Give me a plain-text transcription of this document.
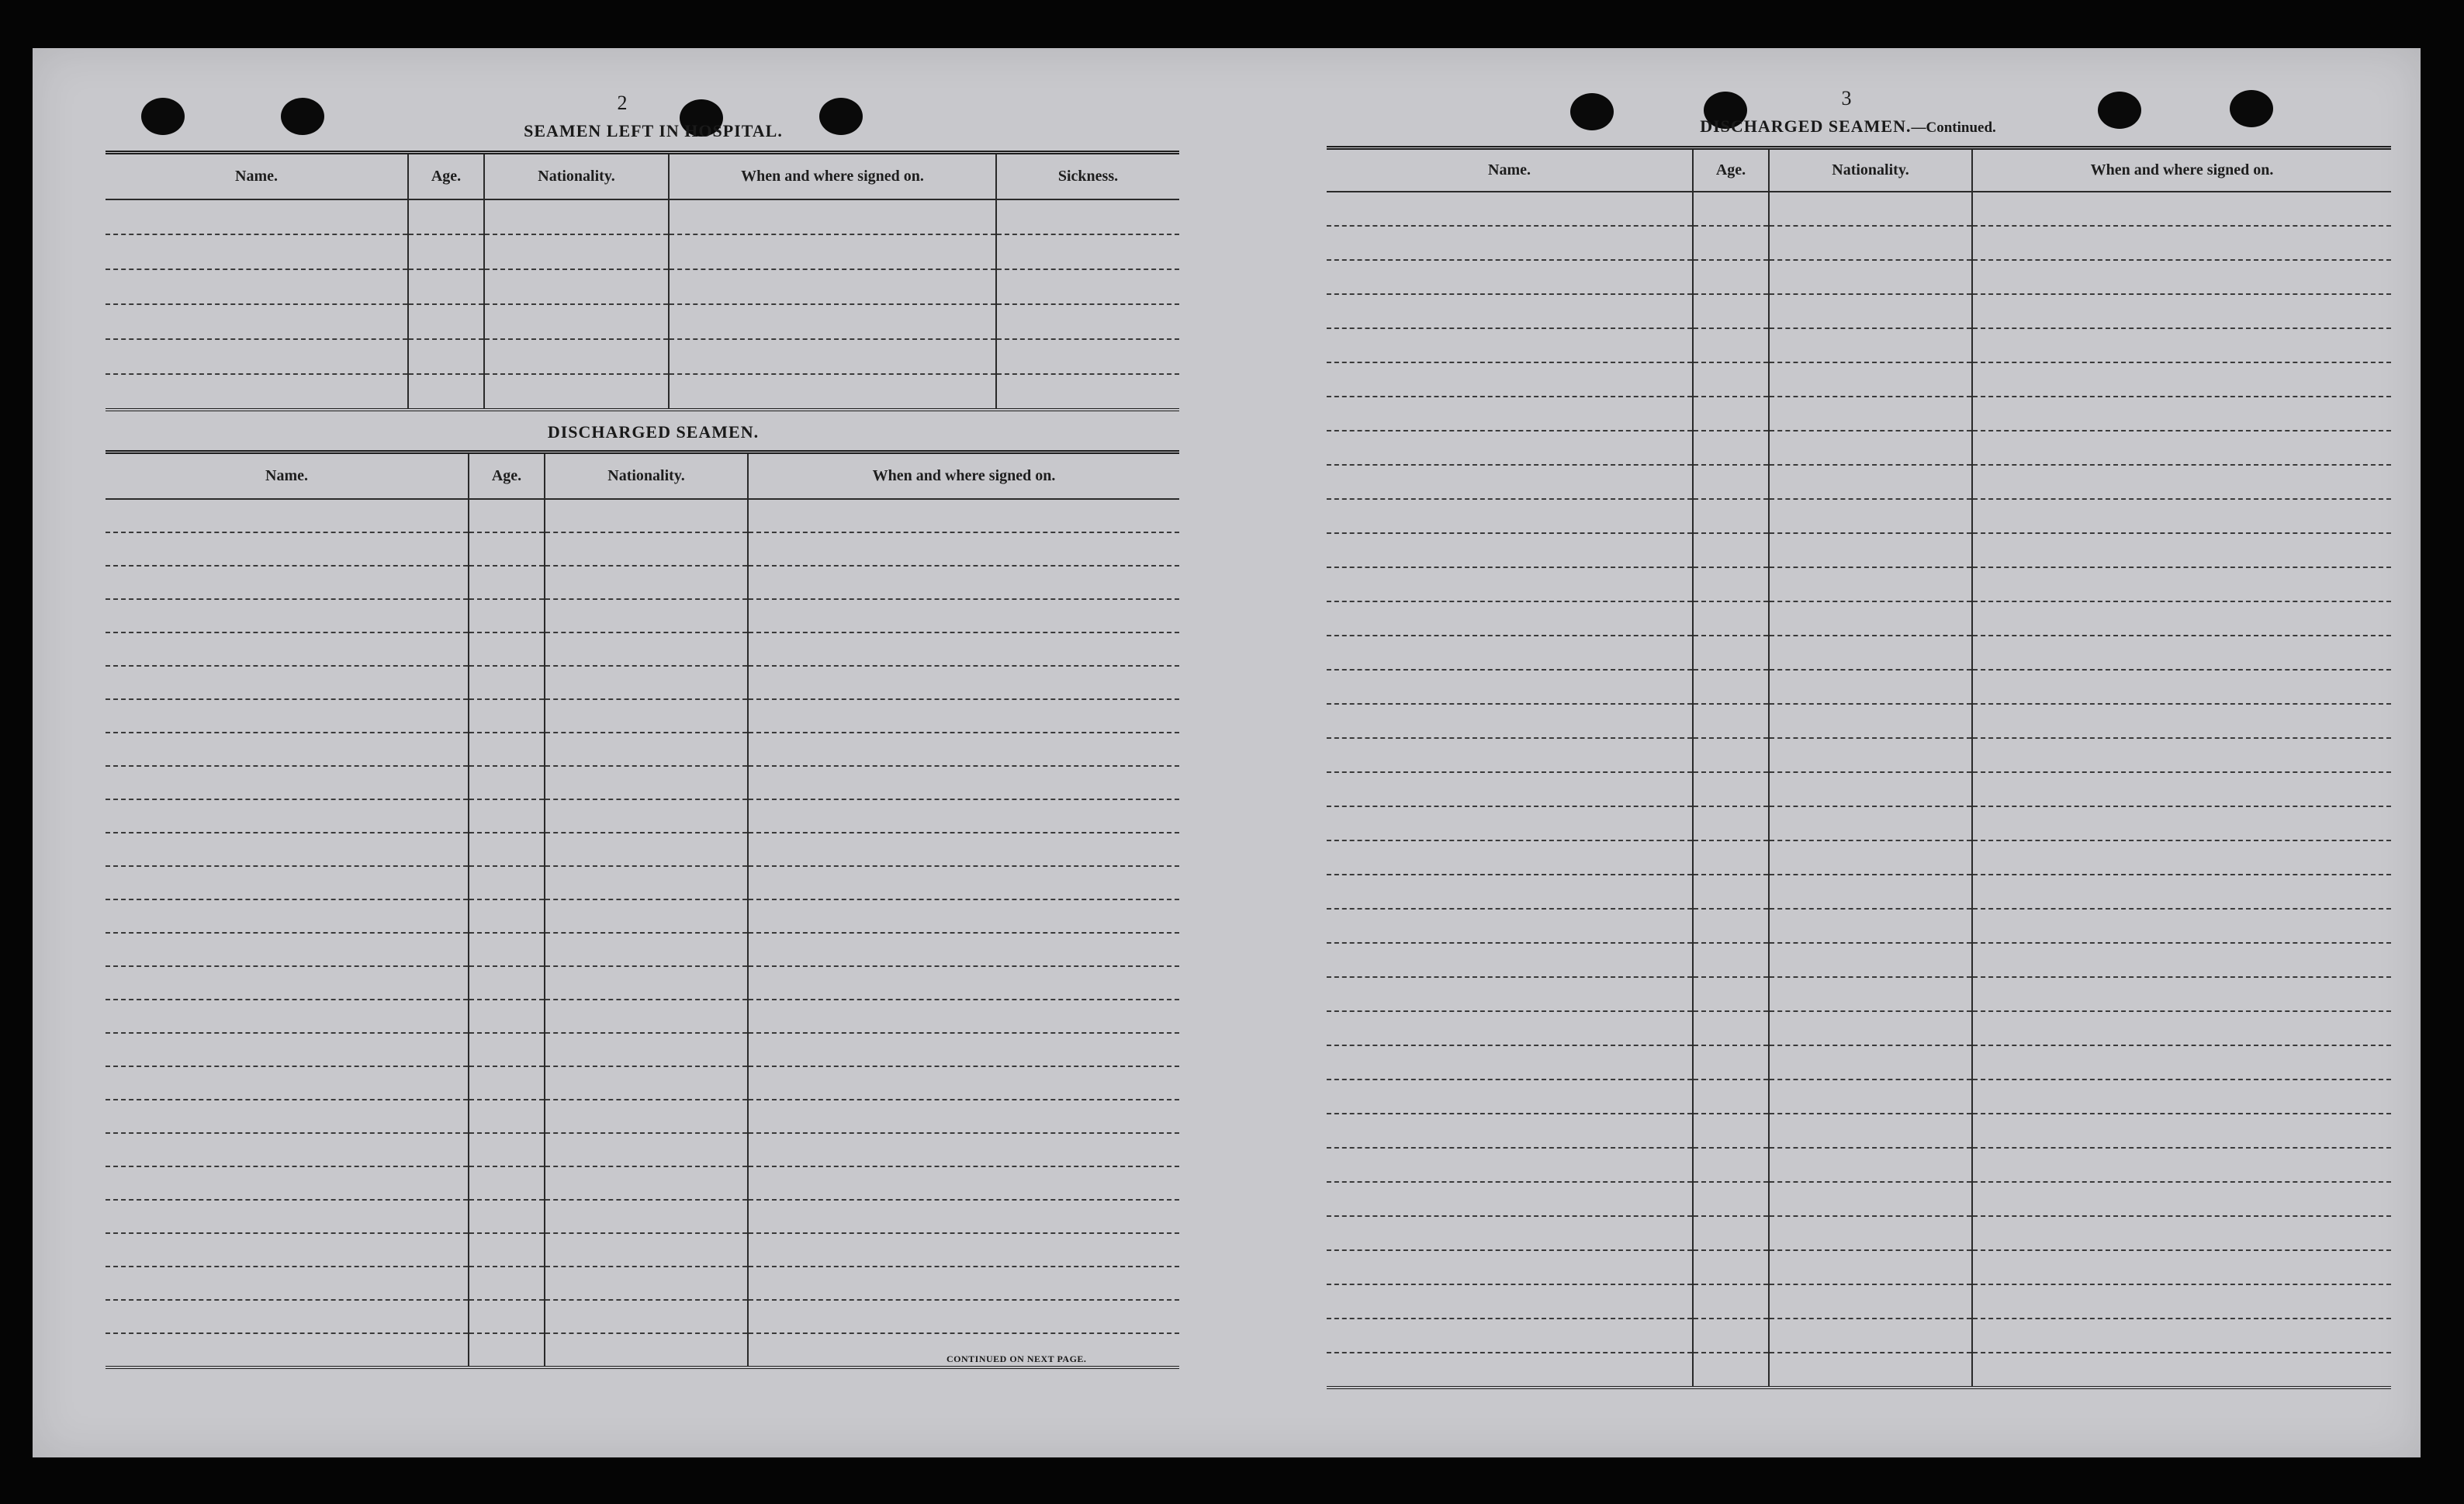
2
SEAMEN LEFT IN HOSPITAL.
Name.	Age.	Nationality.	When and where signed on.	Sickness.

DISCHARGED SEAMEN.
Name.	Age.	Nationality.	When and where signed on.

CONTINUED ON NEXT PAGE.
3
DISCHARGED SEAMEN.—Continued.
Name.	Age.	Nationality.	When and where signed on.
